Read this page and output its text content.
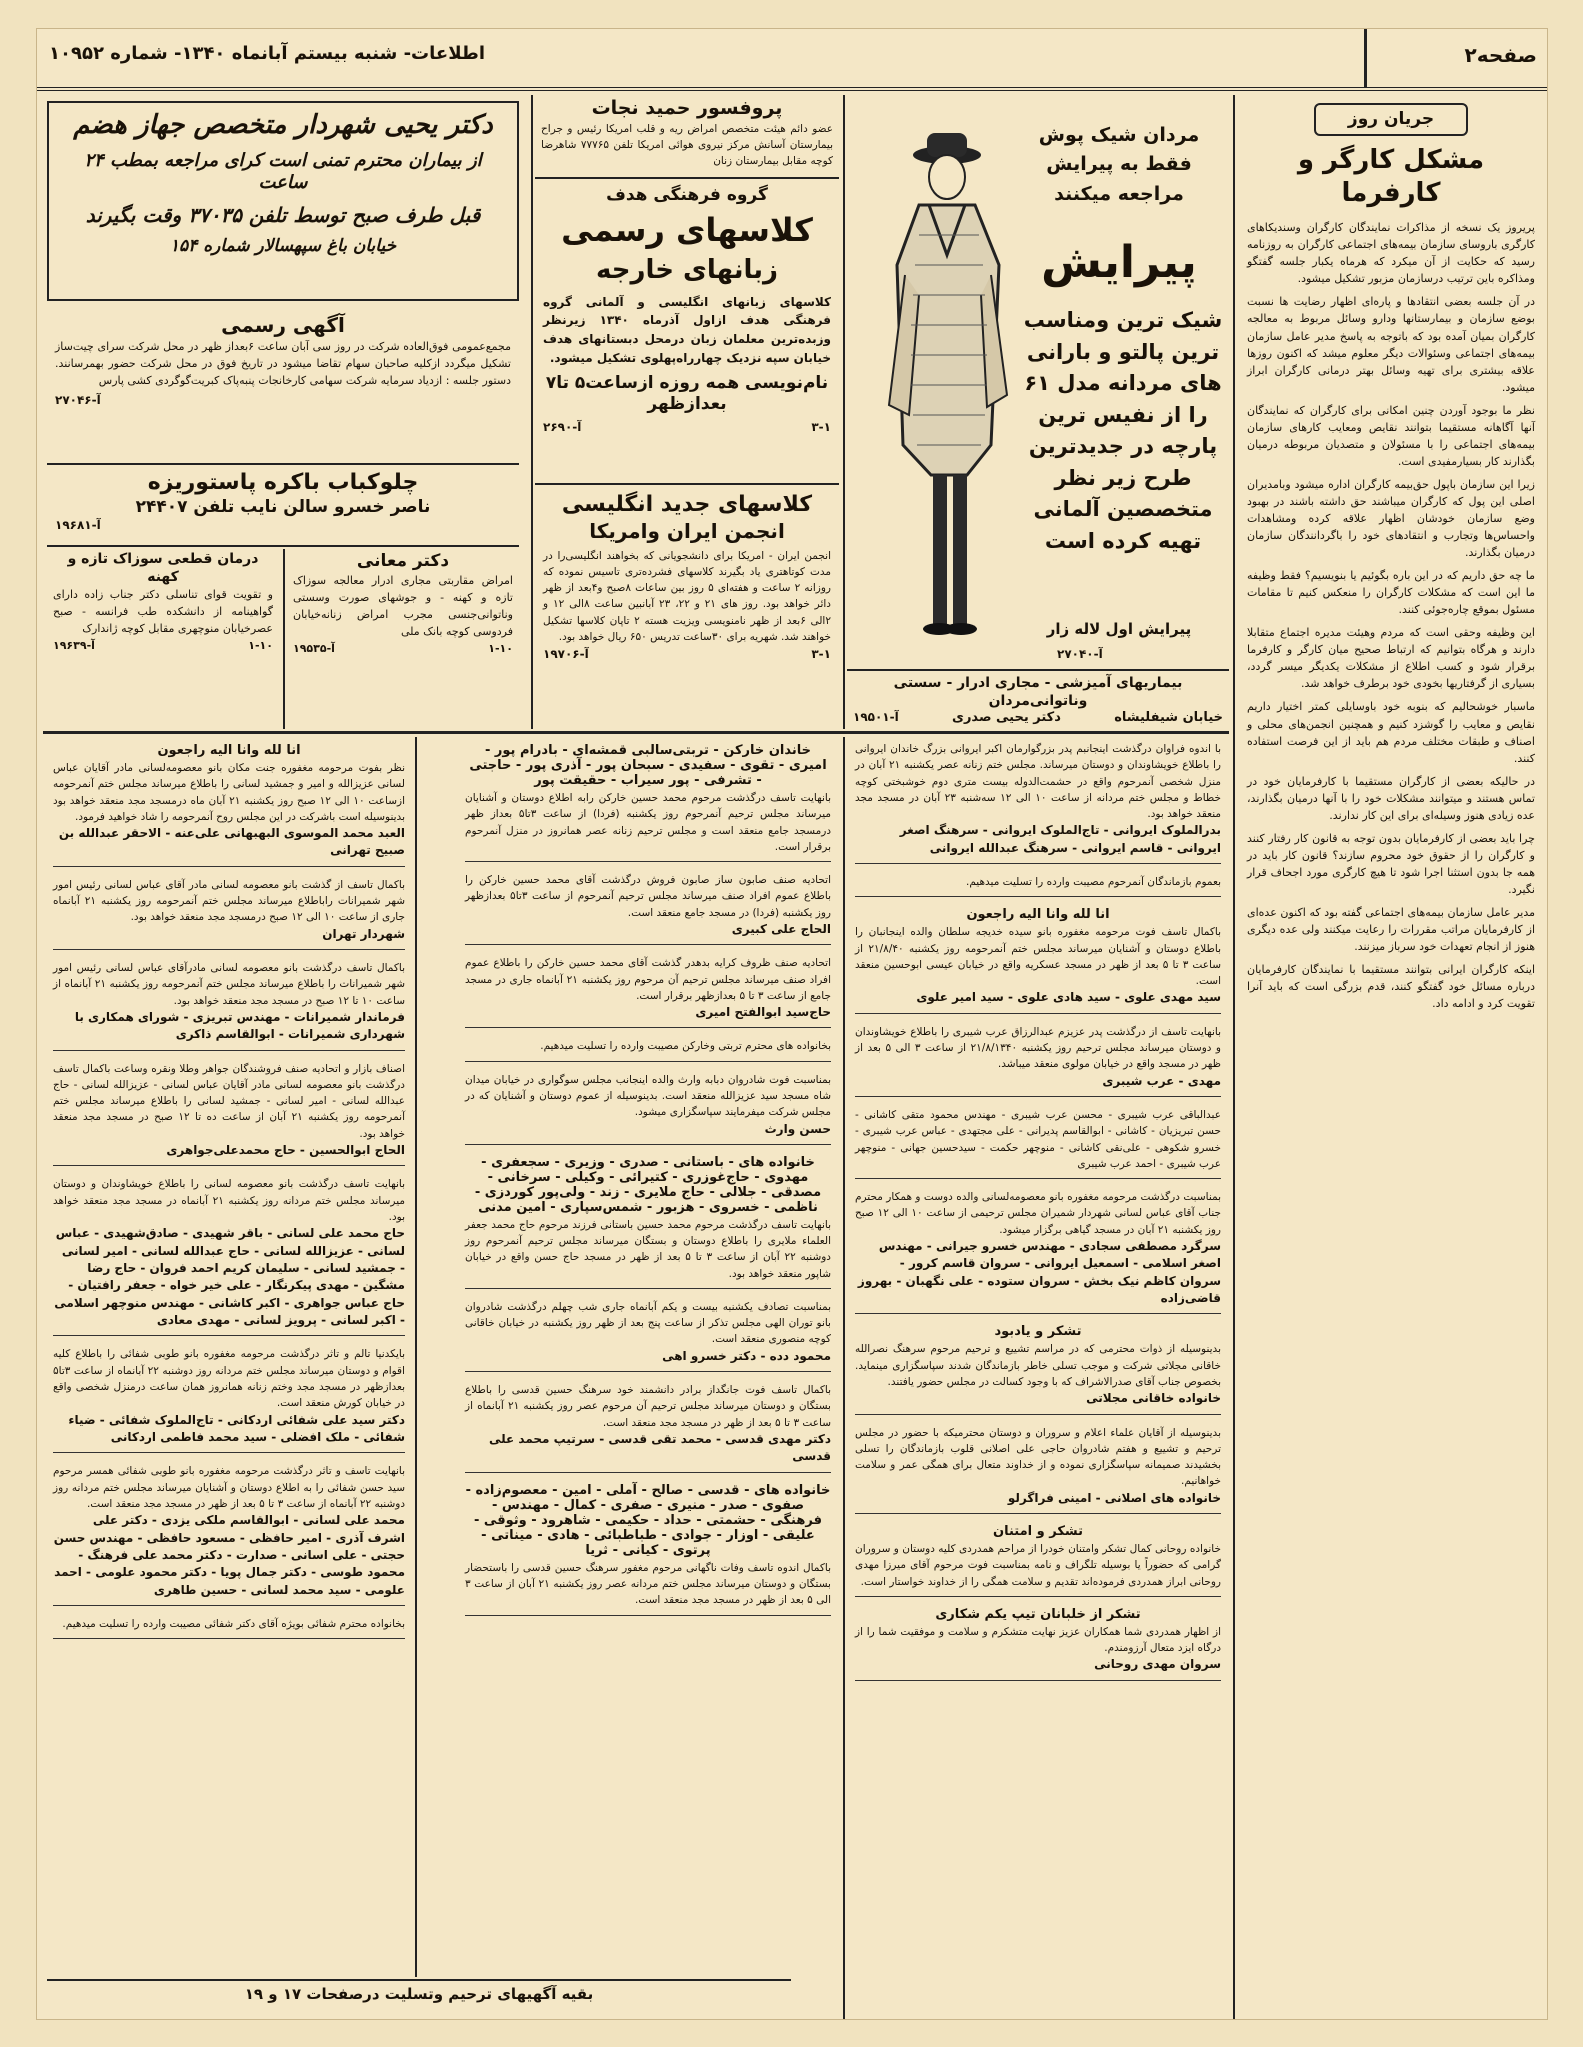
صفحه۲
اطلاعات- شنبه بیستم آبانماه ۱۳۴۰- شماره ۱۰۹۵۲
جریان روز
مشکل کارگر و کارفرما

پریروز یک نسخه از مذاکرات نمایندگان کارگران وسندیکاهای کارگری باروسای سازمان بیمه‌های اجتماعی کارگران به روزنامه رسید که حکایت از آن میکرد که هرماه یکبار جلسه گفتگو ومذاکره باین ترتیب درسازمان مزبور تشکیل میشود.

در آن جلسه بعضی انتقادها و پاره‌ای اظهار رضایت ها نسبت بوضع سازمان و بیمارستانها ودارو وسائل مربوط به معالجه کارگران بمیان آمده بود که باتوجه به پاسخ مدیر عامل سازمان بیمه‌های اجتماعی وسئوالات دیگر معلوم میشد که اکنون روزها علاقه بیشتری برای تهیه وسائل بهتر درمانی کارگران ابراز میشود.

نظر ما بوجود آوردن چنین امکانی برای کارگران که نمایندگان آنها آگاهانه مستقیما بتوانند نقایص ومعایب کارهای سازمان بیمه‌های اجتماعی را با مسئولان و متصدیان مربوطه درمیان بگذارند کار بسیارمفیدی است.

زیرا این سازمان باپول حق‌بیمه کارگران اداره میشود وبامدیران اصلی این پول که کارگران میباشند حق داشته باشند در بهبود وضع سازمان خودشان اظهار علاقه کرده ومشاهدات واحساس‌ها وتجارب و انتقادهای خود را باگردانندگان سازمان درمیان بگذارند.

ما چه حق داریم که در این باره بگوئیم یا بنویسیم؟ فقط وظیفه ما این است که مشکلات کارگران را منعکس کنیم تا مقامات مسئول بموقع چاره‌جوئی کنند.

این وظیفه وحقی است که مردم وهیئت مدیره اجتماع متقابلا دارند و هرگاه بتوانیم که ارتباط صحیح میان کارگر و کارفرما برقرار شود و کسب اطلاع از مشکلات یکدیگر میسر گردد، بسیاری از گرفتاریها بخودی خود برطرف خواهد شد.

ماسبار خوشحالیم که بنوبه خود باوسایلی کمتر اختیار داریم نقایص و معایب را گوشزد کنیم و همچنین انجمن‌های محلی و اصناف و طبقات مختلف مردم هم باید از این فرصت استفاده کنند.

در حالیکه بعضی از کارگران مستقیما با کارفرمایان خود در تماس هستند و میتوانند مشکلات خود را با آنها درمیان بگذارند، عده زیادی هنوز وسیله‌ای برای این کار ندارند.

چرا باید بعضی از کارفرمایان بدون توجه به قانون کار رفتار کنند و کارگران را از حقوق خود محروم سازند؟ قانون کار باید در همه جا بدون استثنا اجرا شود تا هیچ کارگری مورد اجحاف قرار نگیرد.

مدیر عامل سازمان بیمه‌های اجتماعی گفته بود که اکنون عده‌ای از کارفرمایان مراتب مقررات را رعایت میکنند ولی عده دیگری هنوز از انجام تعهدات خود سرباز میزنند.

اینکه کارگران ایرانی بتوانند مستقیما با نمایندگان کارفرمایان درباره مسائل خود گفتگو کنند، قدم بزرگی است که باید آنرا تقویت کرد و ادامه داد.

مردان شیک پوش فقط به پیرایش مراجعه میکنند
پیرایش
شیک ترین ومناسب ترین پالتو و بارانی های مردانه مدل ۶۱ را از نفیس ترین پارچه در جدیدترین طرح زیر نظر متخصصین آلمانی تهیه کرده است
پیرایش اول لاله زار
آ-۲۷۰۴۰
بیماریهای آمیزشی - مجاری ادرار - سستی وناتوانی‌مردان
خیابان شیفلیشاه
دکتر یحیی صدری
آ-۱۹۵۰۱
پروفسور حمید نجات
عضو دائم هیئت متخصص امراض ریه و قلب امریکا رئیس و جراح بیمارستان آسانش مرکز نیروی هوائی امریکا تلفن ۷۷۷۶۵ شاهرضا کوچه مقابل بیمارستان زنان
گروه فرهنگی هدف
کلاسهای رسمی
زبانهای خارجه
کلاسهای زبانهای انگلیسی و آلمانی گروه فرهنگی هدف ازاول آذرماه ۱۳۴۰ زیرنظر وزبده‌ترین معلمان زبان درمحل دبستانهای هدف خیابان سپه نزدیک چهارراه‌پهلوی تشکیل میشود.
نام‌نویسی همه روزه ازساعت۵ تا۷ بعدازظهر
۳-۱
آ-۲۶۹۰
کلاسهای جدید انگلیسی
انجمن ایران وامریکا
انجمن ایران - امریکا برای دانشجویانی که بخواهند انگلیسی‌را در مدت کوتاهتری یاد بگیرند کلاسهای فشرده‌تری تاسیس نموده که روزانه ۲ ساعت و هفته‌ای ۵ روز بین ساعات ۸صبح و۴بعد از ظهر دائر خواهد بود. روز های ۲۱ و ۲۲، ۲۳ آبانبین ساعت ۸الی ۱۲ و ۲الی ۶بعد از ظهر نامنویسی ویزیت هسته ۲ تاپان کلاسها تشکیل خواهند شد. شهریه برای ۳۰ساعت تدریس ۶۵۰ ریال خواهد بود.
۳-۱
آ-۱۹۷۰۶
دکتر یحیی شهردار متخصص جهاز هضم
از بیماران محترم تمنی است کرای مراجعه بمطب ۲۴ ساعت
قبل طرف صبح توسط تلفن ۳۷۰۳۵ وقت بگیرند
خیابان باغ سپهسالار شماره ۱۵۴
آگهی رسمی
مجمع‌عمومی فوق‌العاده شرکت در روز سی آبان ساعت ۶بعداز ظهر در محل شرکت سرای چیت‌ساز تشکیل میگردد ازکلیه صاحبان سهام تقاضا میشود در تاریخ فوق در محل شرکت حضور بهمرسانند. دستور جلسه : ازدیاد سرمایه شرکت سهامی کارخانجات پنبه‌پاک کبریت‌گوگردی کشی پارس
آ-۲۷۰۴۶
چلوکباب باکره پاستوریزه
ناصر خسرو سالن نایب تلفن ۲۴۴۰۷
آ-۱۹۶۸۱
دکتر معانی
امراض مقاربتی مجاری ادرار معالجه سوزاک تازه و کهنه - و جوشهای صورت وسستی وناتوانی‌جنسی مجرب امراض زنانه‌خیابان فردوسی کوچه‌ بانک ملی
۱-۱۰
آ-۱۹۵۳۵
درمان قطعی سوزاک تازه و کهنه
و تقویت قوای تناسلی دکتر جناب زاده دارای گواهینامه از دانشکده طب فرانسه - صبح عصرخیابان منوچهری مقابل کوچه ژاندارک
۱-۱۰
آ-۱۹۶۳۹
با اندوه فراوان درگذشت اینجانبم پدر بزرگوارمان اکبر ایروانی بزرگ خاندان ایروانی را باطلاع خویشاوندان و دوستان میرساند. مجلس ختم زنانه عصر یکشنبه ۲۱ آبان در منزل شخصی آنمرحوم واقع در حشمت‌الدوله بیست متری دوم خوشبختی کوچه خطاط و مجلس ختم مردانه از ساعت ۱۰ الی ۱۲ سه‌شنبه ۲۳ آبان در مسجد مجد منعقد خواهد بود.
بدرالملوک ایروانی - تاج‌الملوک ایروانی - سرهنگ اصغر ایروانی - قاسم ایروانی - سرهنگ عبدالله ایروانی
بعموم بازماندگان آنمرحوم مصیبت وارده را تسلیت میدهیم.
انا لله وانا الیه راجعون
باکمال تاسف فوت مرحومه مغفوره بانو سیده خدیجه سلطان والده اینجانبان را باطلاع دوستان و آشنایان میرساند مجلس ختم آنمرحومه روز یکشنبه ۲۱/۸/۴۰ از ساعت ۳ تا ۵ بعد از ظهر در مسجد عسکریه واقع در خیابان عیسی ابوحسین منعقد است.
سید مهدی علوی - سید هادی علوی - سید امیر علوی
بانهایت تاسف از درگذشت پدر عزیزم عبدالرزاق عرب شیبری را باطلاع خویشاوندان و دوستان میرساند مجلس ترحیم روز یکشنبه ۲۱/۸/۱۳۴۰ از ساعت ۳ الی ۵ بعد از ظهر در مسجد واقع در خیابان مولوی منعقد میباشد.
مهدی - عرب شیبری
عبدالباقی عرب شیبری - محسن عرب شیبری - مهندس محمود متقی کاشانی - حسن تبریزیان - کاشانی - ابوالقاسم پدیرانی - علی مجتهدی - عباس عرب شیبری - خسرو شکوهی - علی‌نقی کاشانی - منوچهر حکمت - سیدحسین جهانی - منوچهر عرب شیبری - احمد عرب شیبری
بمناسبت درگذشت مرحومه مغفوره بانو معصومه‌لسانی والده دوست و همکار محترم جناب آقای عباس لسانی شهردار شمیران مجلس ترحیمی از ساعت ۱۰ الی ۱۲ صبح روز یکشنبه ۲۱ آبان در مسجد گیاهی برگزار میشود.
سرگرد مصطفی سجادی - مهندس خسرو جیرانی - مهندس اصغر اسلامی - اسمعیل ایروانی - سروان قاسم کرور - سروان کاظم نیک بخش - سروان ستوده - علی نگهبان - بهروز قاضی‌زاده
تشکر و یادبود
بدینوسیله از ذوات محترمی که در مراسم تشییع و ترحیم مرحوم سرهنگ نصرالله خاقانی مجلاتی شرکت و موجب تسلی خاطر بازماندگان شدند سپاسگزاری مینماید. بخصوص جناب آقای صدرالاشراف که با وجود کسالت در مجلس حضور یافتند.
خانواده خاقانی مجلاتی
بدینوسیله از آقایان علماء اعلام و سروران و دوستان محترمیکه با حضور در مجلس ترحیم و تشییع و هفتم شادروان حاجی علی اصلانی قلوب بازماندگان را تسلی بخشیدند صمیمانه سپاسگزاری نموده و از خداوند متعال برای همگی عمر و سلامت خواهانیم.
خانواده های اصلانی - امینی فراگرلو
تشکر و امتنان
خانواده روحانی کمال تشکر وامتنان خودرا از مراحم همدردی کلیه دوستان و سروران گرامی که حضوراً یا بوسیله تلگراف و نامه بمناسبت فوت مرحوم آقای میرزا مهدی روحانی ابراز همدردی فرموده‌اند تقدیم و سلامت همگی را از خداوند خواستار است.
تشکر از خلبانان تیپ یکم شکاری
از اظهار همدردی شما همکاران عزیز نهایت متشکرم و سلامت و موفقیت شما را از درگاه ایزد متعال آرزومندم.
سروان مهدی روحانی
خاندان خارکن - تربتی‌سالبی قمشه‌ای - بادرام پور - امیری - تقوی - سفیدی - سبحان پور - آذری پور - حاجتی - تشرفی - پور سیراب - حقیقت پور
بانهایت تاسف درگذشت مرحوم محمد حسین خارکن رابه اطلاع دوستان و آشنایان میرساند مجلس ترحیم آنمرحوم روز یکشنبه (فردا) از ساعت ۳تا۵ بعداز ظهر درمسجد جامع منعقد است و مجلس ترحیم زنانه عصر همانروز در منزل آنمرحوم برقرار است.
اتحادیه صنف صابون ساز صابون فروش درگذشت آقای محمد حسین خارکن را باطلاع عموم افراد صنف میرساند مجلس ترحیم آنمرحوم از ساعت ۳تا۵ بعدازظهر روز یکشنبه (فردا) در مسجد جامع منعقد است.
الحاج علی کبیری
اتحادیه صنف ظروف کرایه بدهدر گذشت آقای محمد حسین خارکن را باطلاع عموم افراد صنف میرساند مجلس ترحیم آن مرحوم روز یکشنبه ۲۱ آبانماه جاری در مسجد جامع از ساعت ۳ تا ۵ بعدازظهر برقرار است.
حاج‌سید ابوالفتح امیری
بخانواده های محترم تربتی وخارکن مصیبت وارده را تسلیت میدهیم.
بمناسبت فوت شادروان دبابه وارث والده اینجانب مجلس سوگواری در خیابان میدان شاه مسجد سید عزیزالله منعقد است. بدینوسیله از عموم دوستان و آشنایان که در مجلس شرکت میفرمایند سپاسگزاری میشود.
حسن وارث
خانواده های - باستانی - صدری - وزیری - سجعفری - مهدوی - حاج‌غوزری - کتیرائی - وکیلی - سرخانی - مصدقی - جلالی - حاج ملایری - زند - ولی‌پور کوردزی - ناظمی - خسروی - هزبور - شمس‌سپاری - امین مدنی
بانهایت تاسف درگذشت مرحوم محمد حسین باستانی فرزند مرحوم حاج محمد جعفر العلماء ملایری را باطلاع دوستان و بستگان میرساند مجلس ترحیم آنمرحوم روز دوشنبه ۲۲ آبان از ساعت ۳ تا ۵ بعد از ظهر در مسجد حاج حسن واقع در خیابان شاپور منعقد خواهد بود.
بمناسبت تصادف یکشنبه بیست و یکم آبانماه جاری شب چهلم درگذشت شادروان بانو توران الهی مجلس تذکر از ساعت پنج بعد از ظهر روز یکشنبه در خیابان خاقانی کوچه منصوری منعقد است.
محمود دده - دکتر خسرو اهی
باکمال تاسف فوت جانگداز برادر دانشمند خود سرهنگ حسین قدسی را باطلاع بستگان و دوستان میرساند مجلس ترحیم آن مرحوم عصر روز یکشنبه ۲۱ آبانماه از ساعت ۳ تا ۵ بعد از ظهر در مسجد مجد منعقد است.
دکتر مهدی قدسی - محمد تقی قدسی - سرتیپ محمد علی قدسی
خانواده های - قدسی - صالح - آملی - امین - معصوم‌زاده - صفوی - صدر - منیری - صفری - کمال - مهندس - فرهنگی - حشمتی - حداد - حکیمی - شاهرود - وثوقی - علیقی - اوزار - جوادی - طباطبائی - هادی - میناتی - پرتوی - کیانی - ثریا
باکمال اندوه تاسف وفات ناگهانی مرحوم مغفور سرهنگ حسین قدسی را باستحضار بستگان و دوستان میرساند مجلس ختم مردانه عصر روز یکشنبه ۲۱ آبان از ساعت ۳ الی ۵ بعد از ظهر در مسجد مجد منعقد است.
انا لله وانا الیه راجعون
نظر بفوت مرحومه مغفوره جنت مکان بانو معصومه‌لسانی مادر آقایان عباس لسانی عزیزالله و امیر و جمشید لسانی را باطلاع میرساند مجلس ختم آنمرحومه ازساعت ۱۰ الی ۱۲ صبح روز یکشنبه ۲۱ آبان ماه درمسجد مجد منعقد خواهد بود بدینوسیله است باشرکت در این مجلس روح آنمرحومه را شاد خواهید فرمود.
العبد محمد الموسوی البهبهانی علی‌عنه - الاحقر عبدالله بن صبیح تهرانی
باکمال تاسف از گذشت بانو معصومه لسانی مادر آقای عباس لسانی رئیس امور شهر شمیرانات راباطلاع میرساند مجلس ختم آنمرحومه روز یکشنبه ۲۱ آبانماه جاری از ساعت ۱۰ الی ۱۲ صبح درمسجد مجد منعقد خواهد بود.
شهردار تهران
باکمال تاسف درگذشت بانو معصومه لسانی مادرآقای عباس لسانی رئیس امور شهر شمیرانات را باطلاع میرساند مجلس ختم آنمرحومه روز یکشنبه ۲۱ آبانماه از ساعت ۱۰ تا ۱۲ صبح در مسجد مجد منعقد خواهد بود.
فرماندار شمیرانات - مهندس تبریزی - شورای همکاری با شهرداری شمیرانات - ابوالقاسم ذاکری
اصناف بازار و اتحادیه صنف فروشندگان جواهر وطلا ونقره وساعت باکمال تاسف درگذشت بانو معصومه لسانی مادر آقایان عباس لسانی - عزیزالله لسانی - حاج عبدالله لسانی - امیر لسانی - جمشید لسانی را باطلاع میرساند مجلس ختم آنمرحومه روز یکشنبه ۲۱ آبان از ساعت ده تا ۱۲ صبح در مسجد مجد منعقد خواهد بود.
الحاج ابوالحسین - حاج محمدعلی‌جواهری
بانهایت تاسف درگذشت بانو معصومه لسانی را باطلاع خویشاوندان و دوستان میرساند مجلس ختم مردانه روز یکشنبه ۲۱ آبانماه در مسجد مجد منعقد خواهد بود.
حاج محمد علی لسانی - باقر شهیدی - صادق‌شهیدی - عباس لسانی - عزیزالله لسانی - حاج عبدالله لسانی - امیر لسانی - جمشید لسانی - سلیمان کریم احمد فروان - حاج رضا مشگین - مهدی پیکرنگار - علی خیر خواه - جعفر رافتیان - حاج عباس جواهری - اکبر کاشانی - مهندس منوچهر اسلامی - اکبر لسانی - پرویز لسانی - مهدی معادی
بایکدنیا تالم و تاثر درگذشت مرحومه مغفوره بانو طوبی شفائی را باطلاع کلیه اقوام و دوستان میرساند مجلس ختم مردانه روز دوشنبه ۲۲ آبانماه از ساعت ۳تا۵ بعدازظهر در مسجد مجد وختم زنانه همانروز همان ساعت درمنزل شخصی واقع در خیابان کورش منعقد است.
دکتر سید علی شفائی اردکانی - تاج‌الملوک شفائی - ضیاء شفائی - ملک افضلی - سید محمد فاطمی اردکانی
بانهایت تاسف و تاثر درگذشت مرحومه مغفوره بانو طوبی شفائی همسر مرحوم سید حسن شفائی را به اطلاع دوستان و آشنایان میرساند مجلس ختم مردانه روز دوشنبه ۲۲ آبانماه از ساعت ۳ تا ۵ بعد از ظهر در مسجد مجد منعقد است.
محمد علی لسانی - ابوالقاسم ملکی یزدی - دکتر علی اشرف آذری - امیر حافظی - مسعود حافظی - مهندس حسن حجتی - علی اسانی - صدارت - دکتر محمد علی فرهنگ - محمود طوسی - دکتر جمال پویا - دکتر محمود علومی - احمد علومی - سید محمد لسانی - حسین طاهری
بخانواده محترم شفائی بویژه آقای دکتر شفائی مصیبت وارده را تسلیت میدهیم.
بقیه آگهیهای ترحیم وتسلیت درصفحات ۱۷ و ۱۹
